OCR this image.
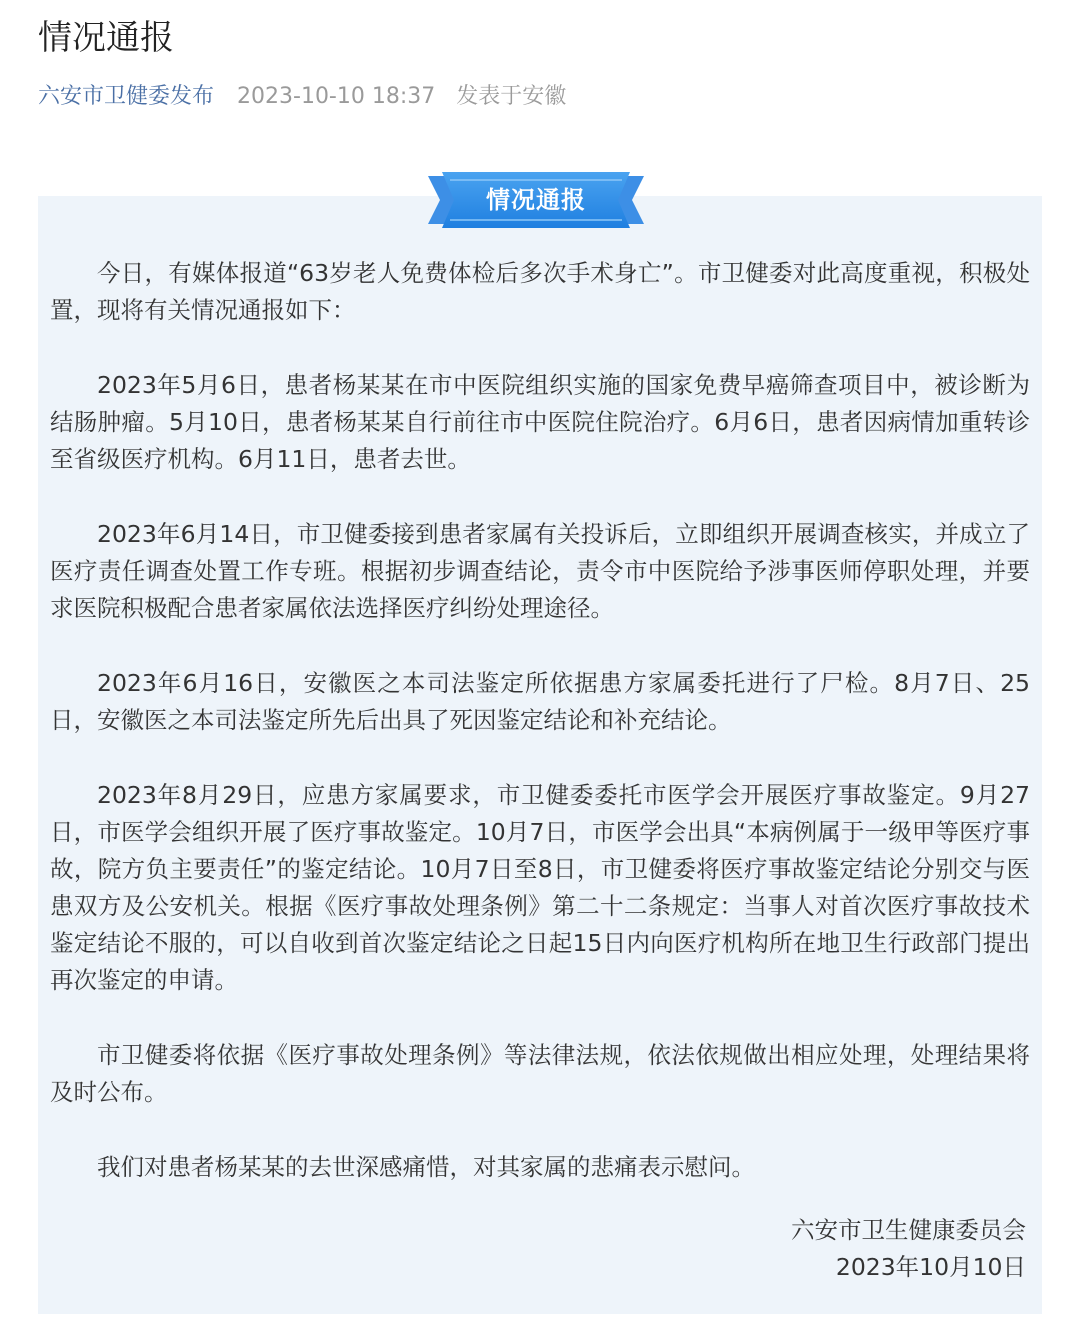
情况通报
六安市卫健委发布 2023-10-10 18:37 发表于安徽
情况通报

今日，有媒体报道“63岁老人免费体检后多次手术身亡”。市卫健委对此高度重视，积极处置，现将有关情况通报如下：

2023年5月6日，患者杨某某在市中医院组织实施的国家免费早癌筛查项目中，被诊断为结肠肿瘤。5月10日，患者杨某某自行前往市中医院住院治疗。6月6日，患者因病情加重转诊至省级医疗机构。6月11日，患者去世。

2023年6月14日，市卫健委接到患者家属有关投诉后，立即组织开展调查核实，并成立了医疗责任调查处置工作专班。根据初步调查结论，责令市中医院给予涉事医师停职处理，并要求医院积极配合患者家属依法选择医疗纠纷处理途径。

2023年6月16日，安徽医之本司法鉴定所依据患方家属委托进行了尸检。8月7日、25日，安徽医之本司法鉴定所先后出具了死因鉴定结论和补充结论。

2023年8月29日，应患方家属要求，市卫健委委托市医学会开展医疗事故鉴定。9月27日，市医学会组织开展了医疗事故鉴定。10月7日，市医学会出具“本病例属于一级甲等医疗事故，院方负主要责任”的鉴定结论。10月7日至8日，市卫健委将医疗事故鉴定结论分别交与医患双方及公安机关。根据《医疗事故处理条例》第二十二条规定：当事人对首次医疗事故技术鉴定结论不服的，可以自收到首次鉴定结论之日起15日内向医疗机构所在地卫生行政部门提出再次鉴定的申请。

市卫健委将依据《医疗事故处理条例》等法律法规，依法依规做出相应处理，处理结果将及时公布。

我们对患者杨某某的去世深感痛惜，对其家属的悲痛表示慰问。

六安市卫生健康委员会
2023年10月10日
